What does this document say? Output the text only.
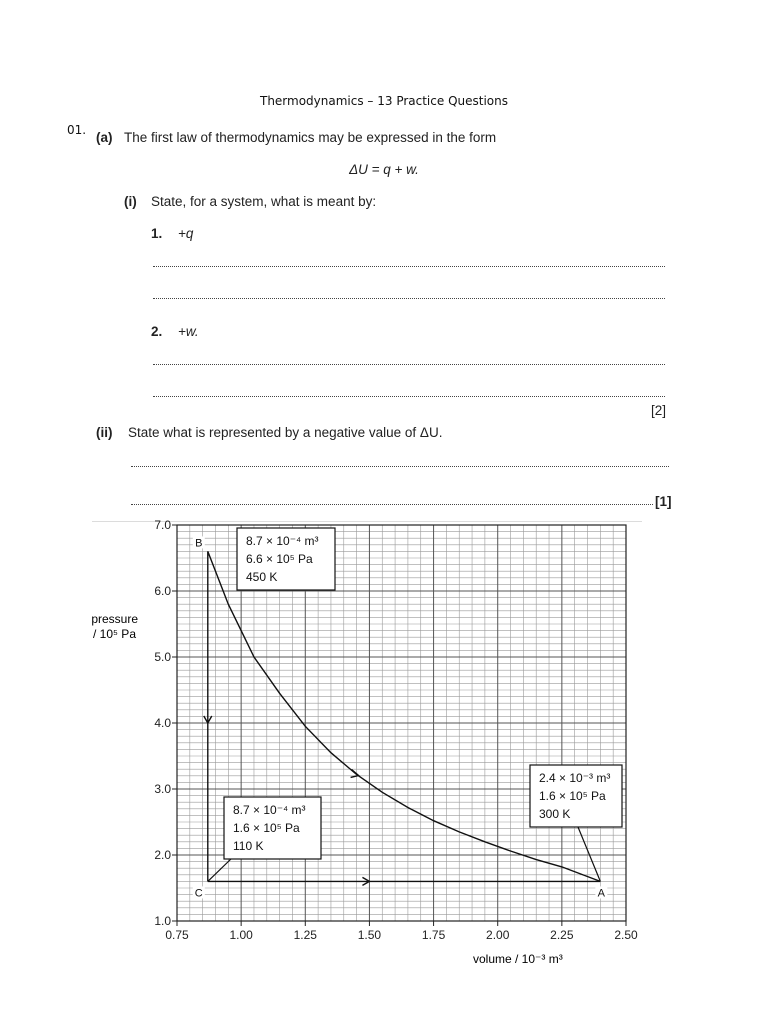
Thermodynamics – 13 Practice Questions
01. (a) The first law of thermodynamics may be expressed in the form
ΔU = q + w.
(i) State, for a system, what is meant by:
1. +q
2. +w.
[2]
(ii) State what is represented by a negative value of ΔU.
[1]
0.75	1.00	1.25	1.50	1.75	2.00	2.25	2.50
1.0
2.0
3.0
4.0
5.0
6.0
7.0
B
C	A
8.7 × 10⁻⁴ m³
6.6 × 10⁵ Pa
450 K
8.7 × 10⁻⁴ m³
1.6 × 10⁵ Pa
110 K
2.4 × 10⁻³ m³
1.6 × 10⁵ Pa
300 K
pressure
/ 10⁵ Pa
volume / 10⁻³ m³
